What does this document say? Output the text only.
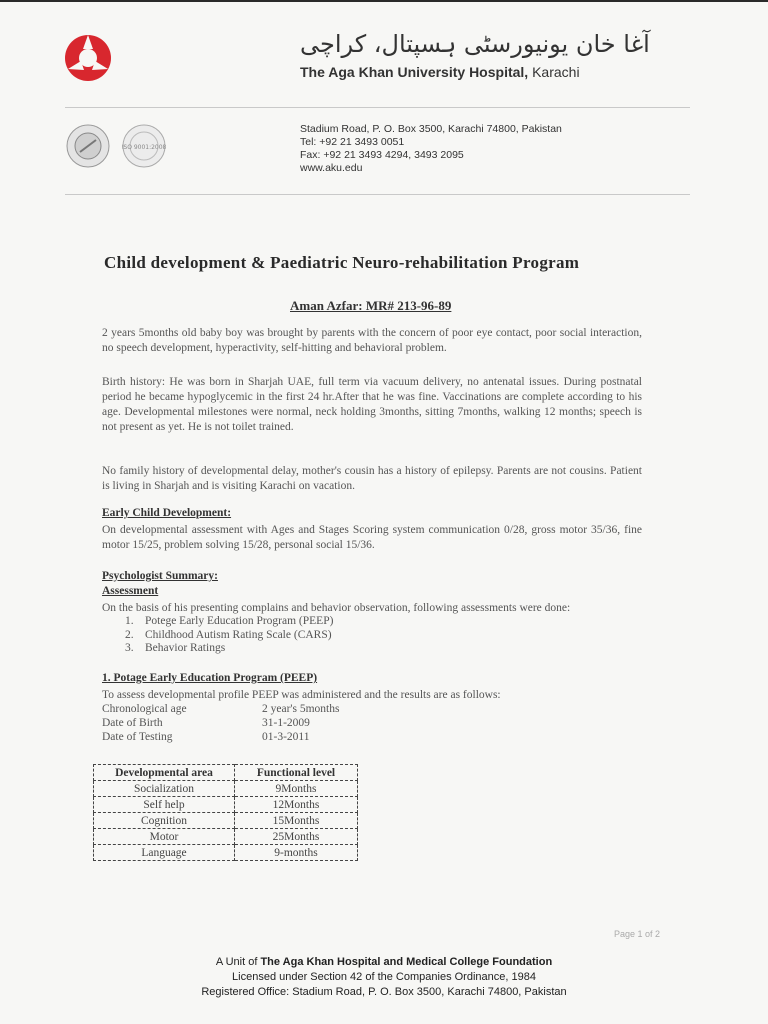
آغا خان یونیورسٹی ہسپتال، کراچی
The Aga Khan University Hospital, Karachi
ISO 9001:2008
Stadium Road, P. O. Box 3500, Karachi 74800, Pakistan
Tel: +92 21 3493 0051
Fax: +92 21 3493 4294, 3493 2095
www.aku.edu
Child development & Paediatric Neuro-rehabilitation Program
Aman Azfar: MR# 213-96-89
2 years 5months old baby boy was brought by parents with the concern of poor eye contact, poor social interaction, no speech development, hyperactivity, self-hitting and behavioral problem.
Birth history: He was born in Sharjah UAE, full term via vacuum delivery, no antenatal issues. During postnatal period he became hypoglycemic in the first 24 hr.After that he was fine. Vaccinations are complete according to his age. Developmental milestones were normal, neck holding 3months, sitting 7months, walking 12 months; speech is not present as yet. He is not toilet trained.
No family history of developmental delay, mother's cousin has a history of epilepsy. Parents are not cousins. Patient is living in Sharjah and is visiting Karachi on vacation.
Early Child Development:
On developmental assessment with Ages and Stages Scoring system communication 0/28, gross motor 35/36, fine motor 15/25, problem solving 15/28, personal social 15/36.
Psychologist Summary:
Assessment
On the basis of his presenting complains and behavior observation, following assessments were done:
1. Potege Early Education Program (PEEP)
2. Childhood Autism Rating Scale (CARS)
3. Behavior Ratings
1. Potage Early Education Program (PEEP)
To assess developmental profile PEEP was administered and the results are as follows:
Chronological age	2 year's 5months
Date of Birth	31-1-2009
Date of Testing	01-3-2011
Developmental area	Functional level
Socialization	9Months
Self help	12Months
Cognition	15Months
Motor	25Months
Language	9-months
Page 1 of 2
A Unit of The Aga Khan Hospital and Medical College Foundation
Licensed under Section 42 of the Companies Ordinance, 1984
Registered Office: Stadium Road, P. O. Box 3500, Karachi 74800, Pakistan
